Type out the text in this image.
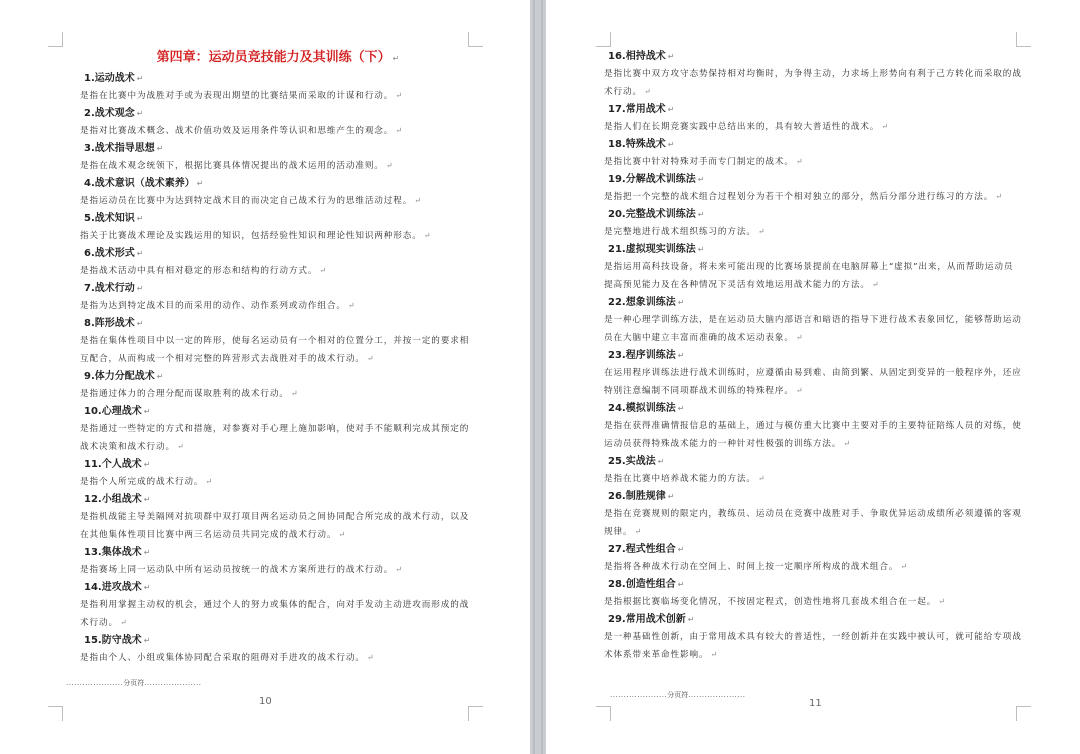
第四章：运动员竞技能力及其训练（下） ↵
1.运动战术 ↵
是指在比赛中为战胜对手或为表现出期望的比赛结果而采取的计谋和行动。 ↵
2.战术观念 ↵
是指对比赛战术概念、战术价值功效及运用条件等认识和思维产生的观念。 ↵
3.战术指导思想 ↵
是指在战术观念统领下，根据比赛具体情况提出的战术运用的活动准则。 ↵
4.战术意识（战术素养） ↵
是指运动员在比赛中为达到特定战术目的而决定自己战术行为的思维活动过程。 ↵
5.战术知识 ↵
指关于比赛战术理论及实践运用的知识，包括经验性知识和理论性知识两种形态。 ↵
6.战术形式 ↵
是指战术活动中具有相对稳定的形态和结构的行动方式。 ↵
7.战术行动 ↵
是指为达到特定战术目的而采用的动作、动作系列或动作组合。 ↵
8.阵形战术 ↵
是指在集体性项目中以一定的阵形，使每名运动员有一个相对的位置分工，并按一定的要求相互配合，从而构成一个相对完整的阵营形式去战胜对手的战术行动。 ↵
9.体力分配战术 ↵
是指通过体力的合理分配而谋取胜利的战术行动。 ↵
10.心理战术 ↵
是指通过一些特定的方式和措施，对参赛对手心理上施加影响，使对手不能顺利完成其预定的战术决策和战术行动。 ↵
11.个人战术 ↵
是指个人所完成的战术行动。 ↵
12.小组战术 ↵
是指机战能主导美隔网对抗项群中双打项目两名运动员之间协同配合所完成的战术行动，以及在其他集体性项目比赛中两三名运动员共同完成的战术行动。 ↵
13.集体战术 ↵
是指赛场上同一运动队中所有运动员按统一的战术方案所进行的战术行动。 ↵
14.进攻战术 ↵
是指利用掌握主动权的机会，通过个人的努力或集体的配合，向对手发动主动进攻而形成的战术行动。 ↵
15.防守战术 ↵
是指由个人、小组或集体协同配合采取的阻碍对手进攻的战术行动。 ↵
.....................分页符.....................
10
16.相持战术 ↵
是指比赛中双方攻守态势保持相对均衡时，为争得主动，力求场上形势向有利于己方转化而采取的战术行动。 ↵
17.常用战术 ↵
是指人们在长期竞赛实践中总结出来的，具有较大普适性的战术。 ↵
18.特殊战术 ↵
是指比赛中针对特殊对手而专门制定的战术。 ↵
19.分解战术训练法 ↵
是指把一个完整的战术组合过程划分为若干个相对独立的部分，然后分部分进行练习的方法。 ↵
20.完整战术训练法 ↵
是完整地进行战术组织练习的方法。 ↵
21.虚拟现实训练法 ↵
是指运用高科技设备，将未来可能出现的比赛场景提前在电脑屏幕上“虚拟”出来，从而帮助运动员提高预见能力及在各种情况下灵活有效地运用战术能力的方法。 ↵
22.想象训练法 ↵
是一种心理学训练方法，是在运动员大脑内部语言和暗语的指导下进行战术表象回忆，能够帮助运动员在大脑中建立丰富而准确的战术运动表象。 ↵
23.程序训练法 ↵
在运用程序训练法进行战术训练时，应遵循由易到难、由简到繁、从固定到变异的一般程序外，还应特别注意编制不同项群战术训练的特殊程序。 ↵
24.模拟训练法 ↵
是指在获得准确情报信息的基础上，通过与模仿重大比赛中主要对手的主要特征陪练人员的对练，使运动员获得特殊战术能力的一种针对性极强的训练方法。 ↵
25.实战法 ↵
是指在比赛中培养战术能力的方法。 ↵
26.制胜规律 ↵
是指在竞赛规则的限定内，教练员、运动员在竞赛中战胜对手、争取优异运动成绩所必须遵循的客观规律。 ↵
27.程式性组合 ↵
是指将各种战术行动在空间上、时间上按一定顺序所构成的战术组合。 ↵
28.创造性组合 ↵
是指根据比赛临场变化情况，不按固定程式，创造性地将几套战术组合在一起。 ↵
29.常用战术创新 ↵
是一种基础性创新，由于常用战术具有较大的普适性，一经创新并在实践中被认可，就可能给专项战术体系带来革命性影响。 ↵
.....................分页符.....................
11
